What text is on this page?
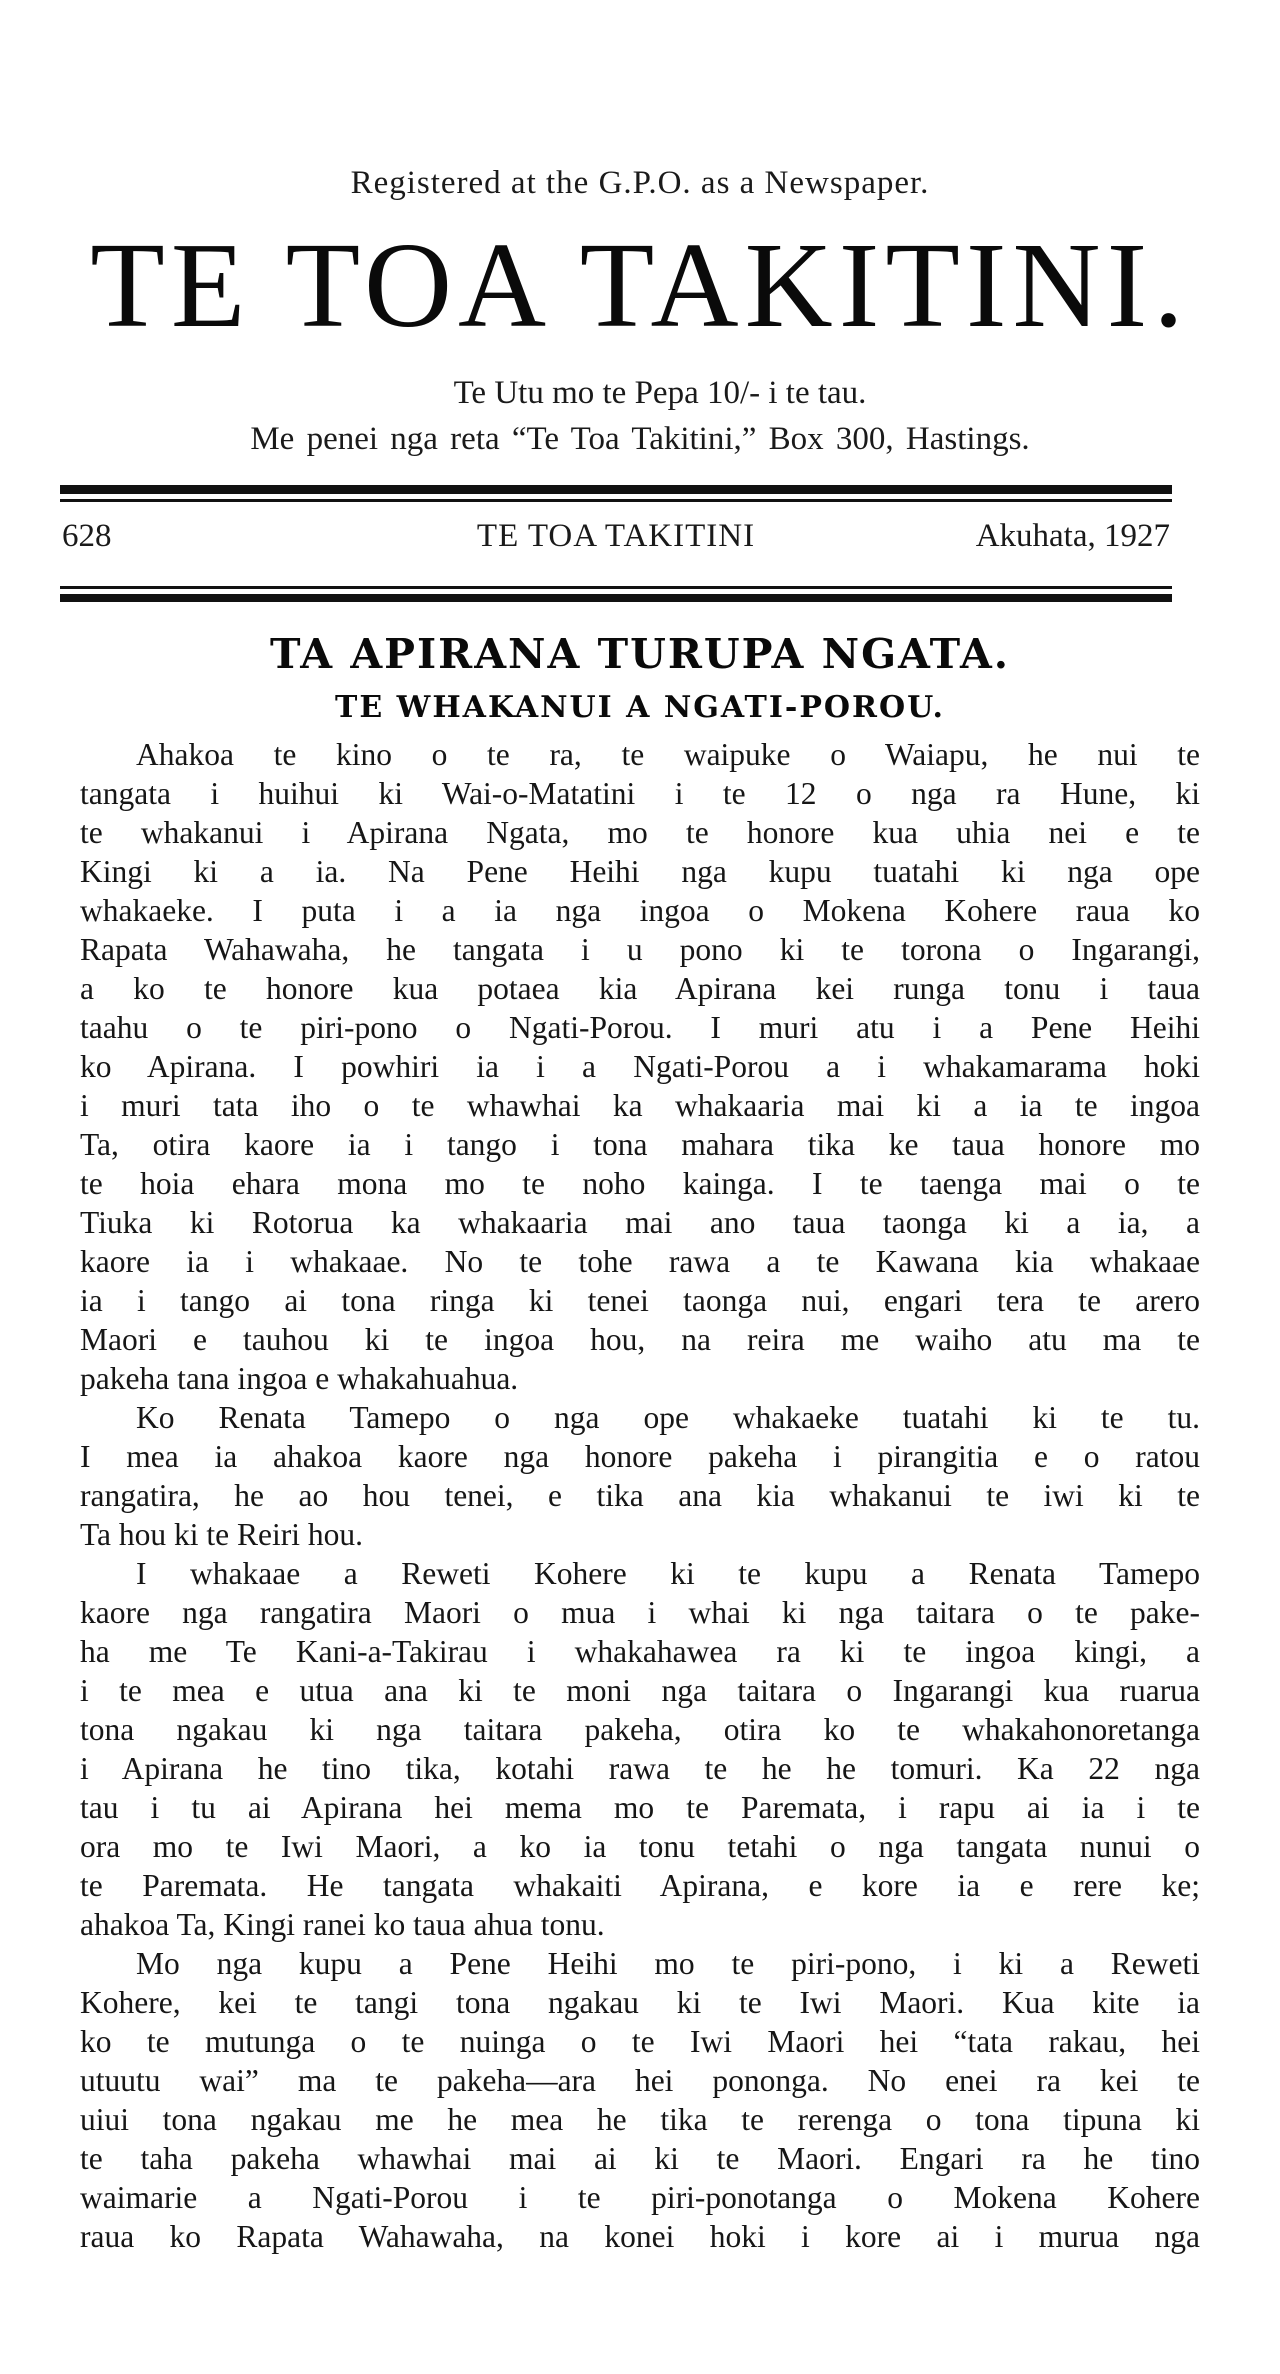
Registered at the G.P.O. as a Newspaper.
TE TOA TAKITINI.
Te Utu mo te Pepa 10/- i te tau.
Me penei nga reta “Te Toa Takitini,” Box 300, Hastings.
628	TE TOA TAKITINI	Akuhata, 1927
TA APIRANA TURUPA NGATA.
TE WHAKANUI A NGATI-POROU.
Ahakoa te kino o te ra, te waipuke o Waiapu, he nui te
tangata i huihui ki Wai-o-Matatini i te 12 o nga ra Hune, ki
te whakanui i Apirana Ngata, mo te honore kua uhia nei e te
Kingi ki a ia. Na Pene Heihi nga kupu tuatahi ki nga ope
whakaeke. I puta i a ia nga ingoa o Mokena Kohere raua ko
Rapata Wahawaha, he tangata i u pono ki te torona o Ingarangi,
a ko te honore kua potaea kia Apirana kei runga tonu i taua
taahu o te piri-pono o Ngati-Porou. I muri atu i a Pene Heihi
ko Apirana. I powhiri ia i a Ngati-Porou a i whakamarama hoki
i muri tata iho o te whawhai ka whakaaria mai ki a ia te ingoa
Ta, otira kaore ia i tango i tona mahara tika ke taua honore mo
te hoia ehara mona mo te noho kainga. I te taenga mai o te
Tiuka ki Rotorua ka whakaaria mai ano taua taonga ki a ia, a
kaore ia i whakaae. No te tohe rawa a te Kawana kia whakaae
ia i tango ai tona ringa ki tenei taonga nui, engari tera te arero
Maori e tauhou ki te ingoa hou, na reira me waiho atu ma te
pakeha tana ingoa e whakahuahua.
Ko Renata Tamepo o nga ope whakaeke tuatahi ki te tu.
I mea ia ahakoa kaore nga honore pakeha i pirangitia e o ratou
rangatira, he ao hou tenei, e tika ana kia whakanui te iwi ki te
Ta hou ki te Reiri hou.
I whakaae a Reweti Kohere ki te kupu a Renata Tamepo
kaore nga rangatira Maori o mua i whai ki nga taitara o te pake-
ha me Te Kani-a-Takirau i whakahawea ra ki te ingoa kingi, a
i te mea e utua ana ki te moni nga taitara o Ingarangi kua ruarua
tona ngakau ki nga taitara pakeha, otira ko te whakahonoretanga
i Apirana he tino tika, kotahi rawa te he he tomuri. Ka 22 nga
tau i tu ai Apirana hei mema mo te Paremata, i rapu ai ia i te
ora mo te Iwi Maori, a ko ia tonu tetahi o nga tangata nunui o
te Paremata. He tangata whakaiti Apirana, e kore ia e rere ke;
ahakoa Ta, Kingi ranei ko taua ahua tonu.
Mo nga kupu a Pene Heihi mo te piri-pono, i ki a Reweti
Kohere, kei te tangi tona ngakau ki te Iwi Maori. Kua kite ia
ko te mutunga o te nuinga o te Iwi Maori hei “tata rakau, hei
utuutu wai” ma te pakeha—ara hei pononga. No enei ra kei te
uiui tona ngakau me he mea he tika te rerenga o tona tipuna ki
te taha pakeha whawhai mai ai ki te Maori. Engari ra he tino
waimarie a Ngati-Porou i te piri-ponotanga o Mokena Kohere
raua ko Rapata Wahawaha, na konei hoki i kore ai i murua nga
